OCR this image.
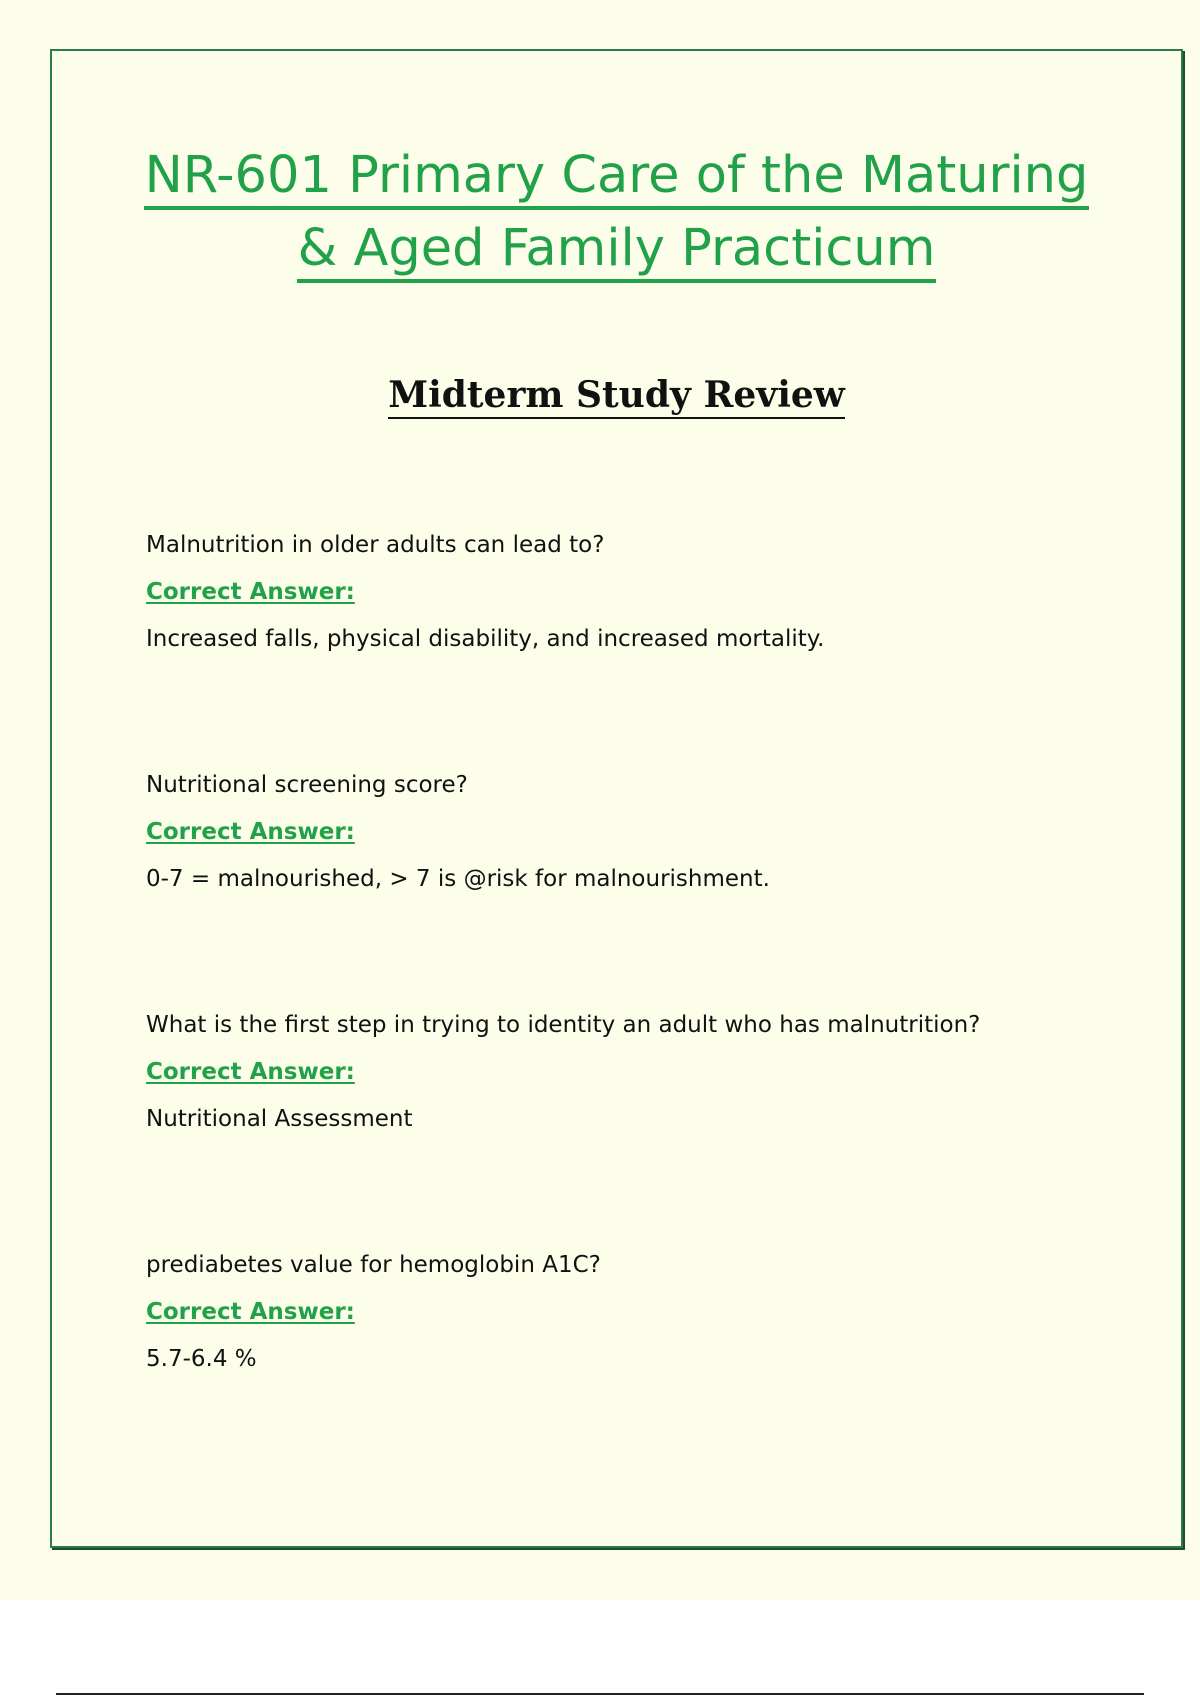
NR-601 Primary Care of the Maturing
& Aged Family Practicum
Midterm Study Review
Malnutrition in older adults can lead to?
Correct Answer:
Increased falls, physical disability, and increased mortality.
Nutritional screening score?
Correct Answer:
0-7 = malnourished, > 7 is @risk for malnourishment.
What is the first step in trying to identity an adult who has malnutrition?
Correct Answer:
Nutritional Assessment
prediabetes value for hemoglobin A1C?
Correct Answer:
5.7-6.4 %
